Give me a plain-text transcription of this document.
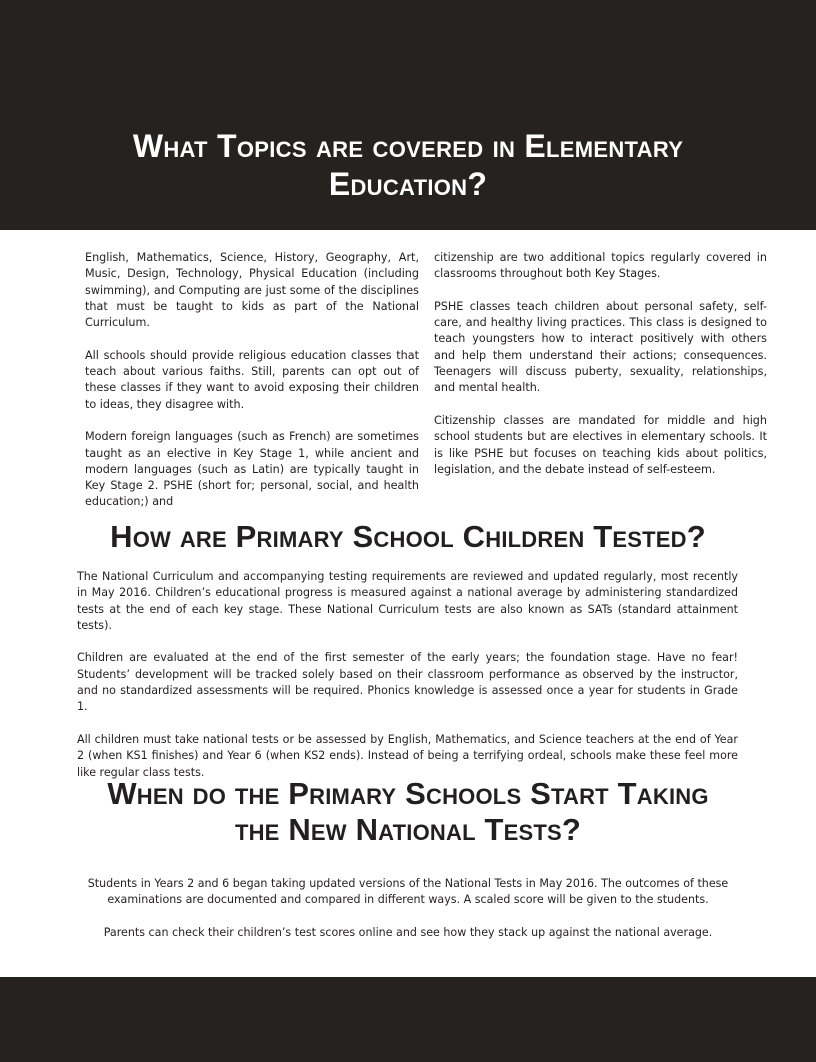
What Topics are covered in Elementary
Education?

English, Mathematics, Science, History, Geography, Art, Music, Design, Technology, Physical Education (including swimming), and Computing are just some of the disciplines that must be taught to kids as part of the National Curriculum.

All schools should provide religious education classes that teach about various faiths. Still, parents can opt out of these classes if they want to avoid exposing their children to ideas, they disagree with.

Modern foreign languages (such as French) are sometimes taught as an elective in Key Stage 1, while ancient and modern languages (such as Latin) are typically taught in Key Stage 2. PSHE (short for; personal, social, and health education;) and

citizenship are two additional topics regularly covered in classrooms throughout both Key Stages.

PSHE classes teach children about personal safety, self-care, and healthy living practices. This class is designed to teach youngsters how to interact positively with others and help them understand their actions; consequences. Teenagers will discuss puberty, sexuality, relationships, and mental health.

Citizenship classes are mandated for middle and high school students but are electives in elementary schools. It is like PSHE but focuses on teaching kids about politics, legislation, and the debate instead of self-esteem.

How are Primary School Children Tested?

The National Curriculum and accompanying testing requirements are reviewed and updated regularly, most recently in May 2016. Children’s educational progress is measured against a national average by administering standardized tests at the end of each key stage. These National Curriculum tests are also known as SATs (standard attainment tests).

Children are evaluated at the end of the first semester of the early years; the foundation stage. Have no fear! Students’ development will be tracked solely based on their classroom performance as observed by the instructor, and no standardized assessments will be required. Phonics knowledge is assessed once a year for students in Grade 1.

All children must take national tests or be assessed by English, Mathematics, and Science teachers at the end of Year 2 (when KS1 finishes) and Year 6 (when KS2 ends). Instead of being a terrifying ordeal, schools make these feel more like regular class tests.

When do the Primary Schools Start Taking
the New National Tests?

Students in Years 2 and 6 began taking updated versions of the National Tests in May 2016. The outcomes of these examinations are documented and compared in different ways. A scaled score will be given to the students.

Parents can check their children’s test scores online and see how they stack up against the national average.
